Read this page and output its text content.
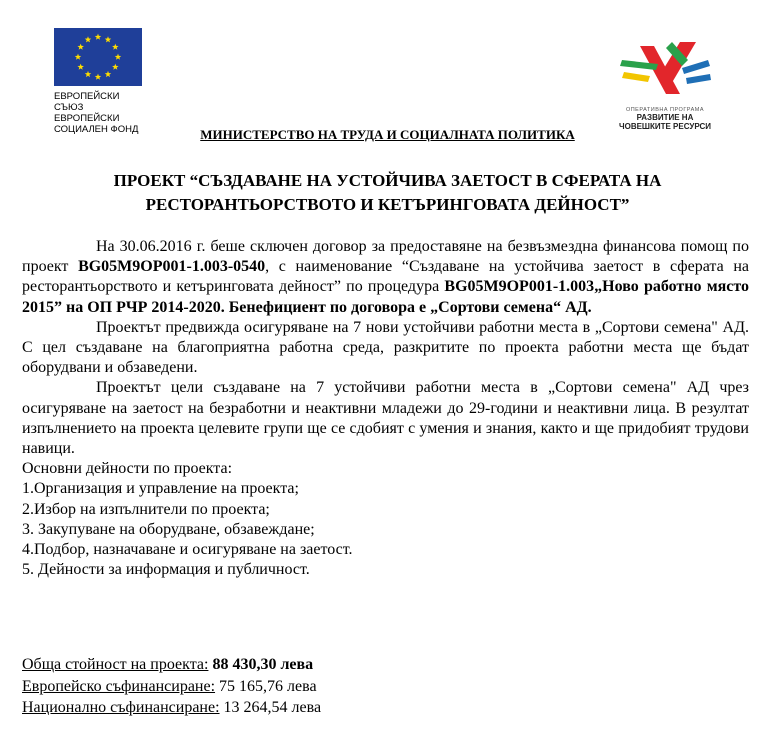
ЕВРОПЕЙСКИ СЪЮЗ
ЕВРОПЕЙСКИ
СОЦИАЛЕН ФОНД
ОПЕРАТИВНА ПРОГРАМА
РАЗВИТИЕ НА
ЧОВЕШКИТЕ РЕСУРСИ
МИНИСТЕРСТВО НА ТРУДА И СОЦИАЛНАТА ПОЛИТИКА
ПРОЕКТ “СЪЗДАВАНЕ НА УСТОЙЧИВА ЗАЕТОСТ В СФЕРАТА НА
РЕСТОРАНТЬОРСТВОТО И КЕТЪРИНГОВАТА ДЕЙНОСТ”

На 30.06.2016 г. беше сключен договор за предоставяне на безвъзмездна финансова помощ по проект BG05M9OP001-1.003-0540, с наименование “Създаване на устойчива заетост в сферата на ресторантьорството и кетъринговата дейност” по процедура BG05M9OP001-1.003„Ново работно място 2015” на ОП РЧР 2014-2020. Бенефициент по договора е „Сортови семена“ АД.

Проектът предвижда осигуряване на 7 нови устойчиви работни места в „Сортови семена" АД. С цел създаване на благоприятна работна среда, разкритите по проекта работни места ще бъдат оборудвани и обзаведени.

Проектът цели създаване на 7 устойчиви работни места в „Сортови семена" АД чрез осигуряване на заетост на безработни и неактивни младежи до 29-години и неактивни лица. В резултат изпълнението на проекта целевите групи ще се сдобият с умения и знания, както и ще придобият трудови навици.

Основни дейности по проекта:

1.Организация и управление на проекта;

2.Избор на изпълнители по проекта;

3. Закупуване на оборудване, обзавеждане;

4.Подбор, назначаване и осигуряване на заетост.

5. Дейности за информация и публичност.

Обща стойност на проекта: 88 430,30 лева
Европейско съфинансиране: 75 165,76 лева
Национално съфинансиране: 13 264,54 лева
